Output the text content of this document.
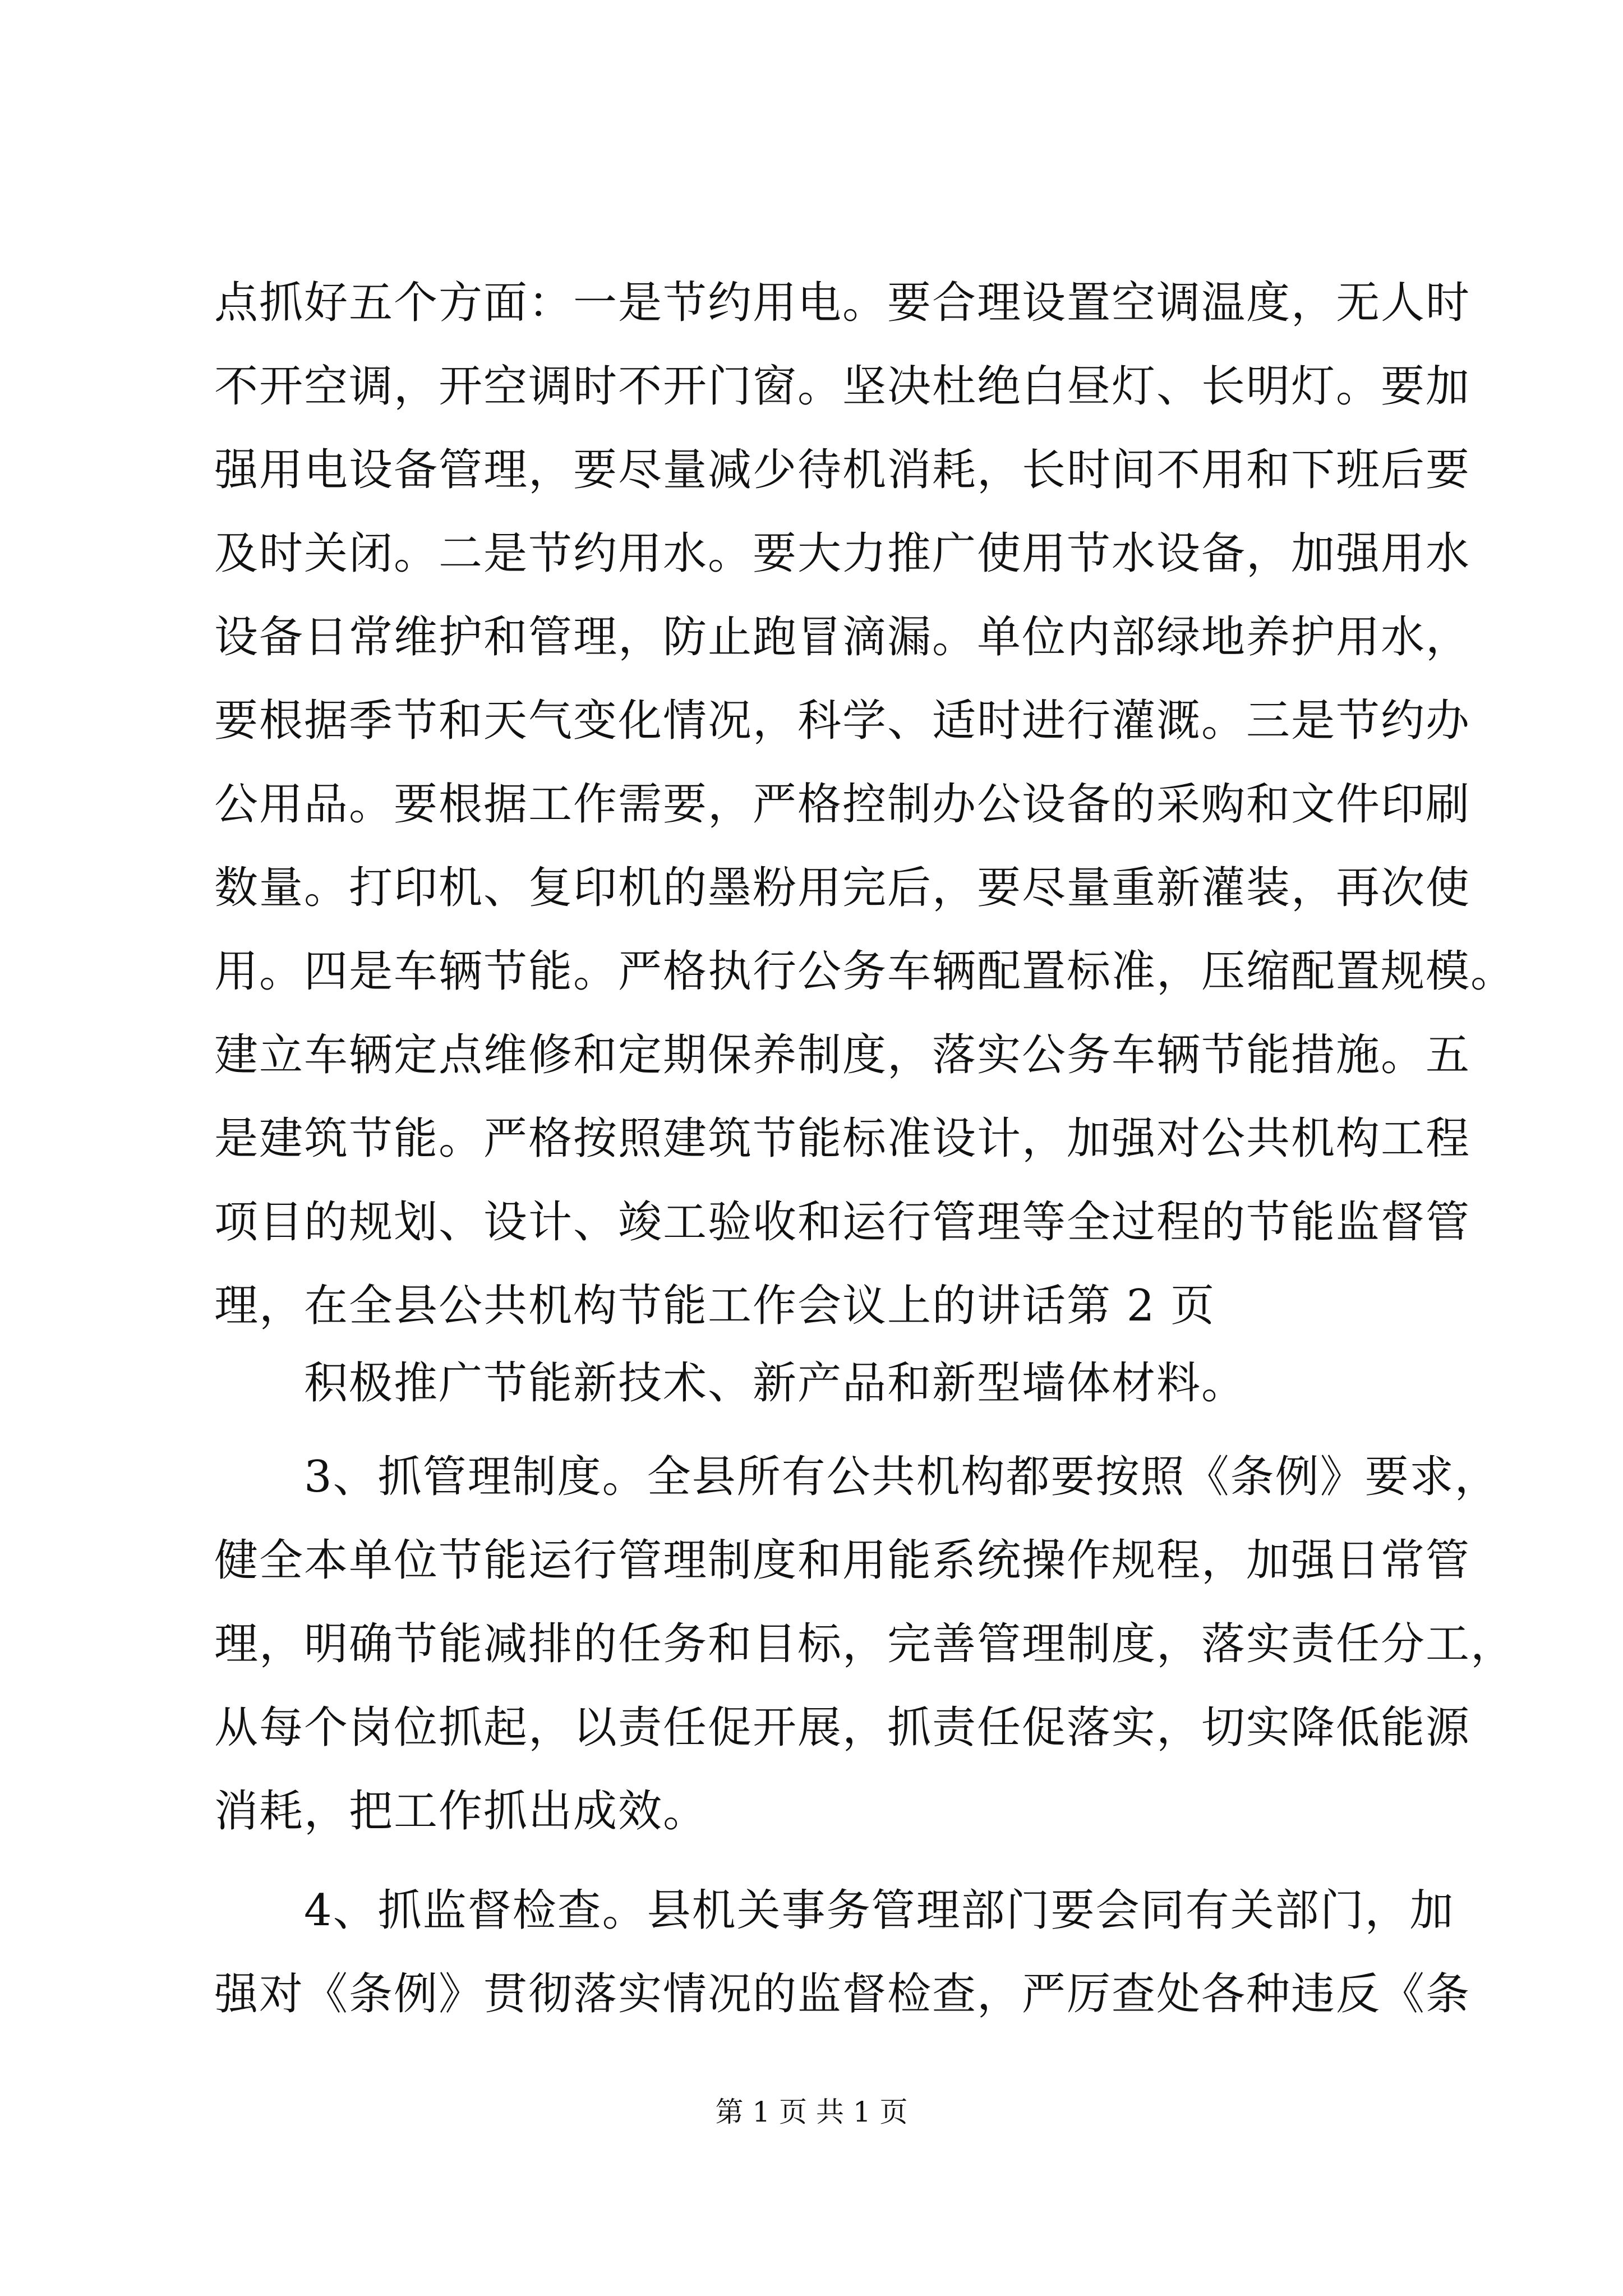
点抓好五个方面：一是节约用电。要合理设置空调温度，无人时
不开空调，开空调时不开门窗。坚决杜绝白昼灯、长明灯。要加
强用电设备管理，要尽量减少待机消耗，长时间不用和下班后要
及时关闭。二是节约用水。要大力推广使用节水设备，加强用水
设备日常维护和管理，防止跑冒滴漏。单位内部绿地养护用水，
要根据季节和天气变化情况，科学、适时进行灌溉。三是节约办
公用品。要根据工作需要，严格控制办公设备的采购和文件印刷
数量。打印机、复印机的墨粉用完后，要尽量重新灌装，再次使
用。四是车辆节能。严格执行公务车辆配置标准，压缩配置规模。
建立车辆定点维修和定期保养制度，落实公务车辆节能措施。五
是建筑节能。严格按照建筑节能标准设计，加强对公共机构工程
项目的规划、设计、竣工验收和运行管理等全过程的节能监督管
理，在全县公共机构节能工作会议上的讲话第 2 页
　　积极推广节能新技术、新产品和新型墙体材料。
　　3、抓管理制度。全县所有公共机构都要按照《条例》要求，
健全本单位节能运行管理制度和用能系统操作规程，加强日常管
理，明确节能减排的任务和目标，完善管理制度，落实责任分工，
从每个岗位抓起，以责任促开展，抓责任促落实，切实降低能源
消耗，把工作抓出成效。
　　4、抓监督检查。县机关事务管理部门要会同有关部门，加
强对《条例》贯彻落实情况的监督检查，严厉查处各种违反《条
第 1 页 共 1 页
